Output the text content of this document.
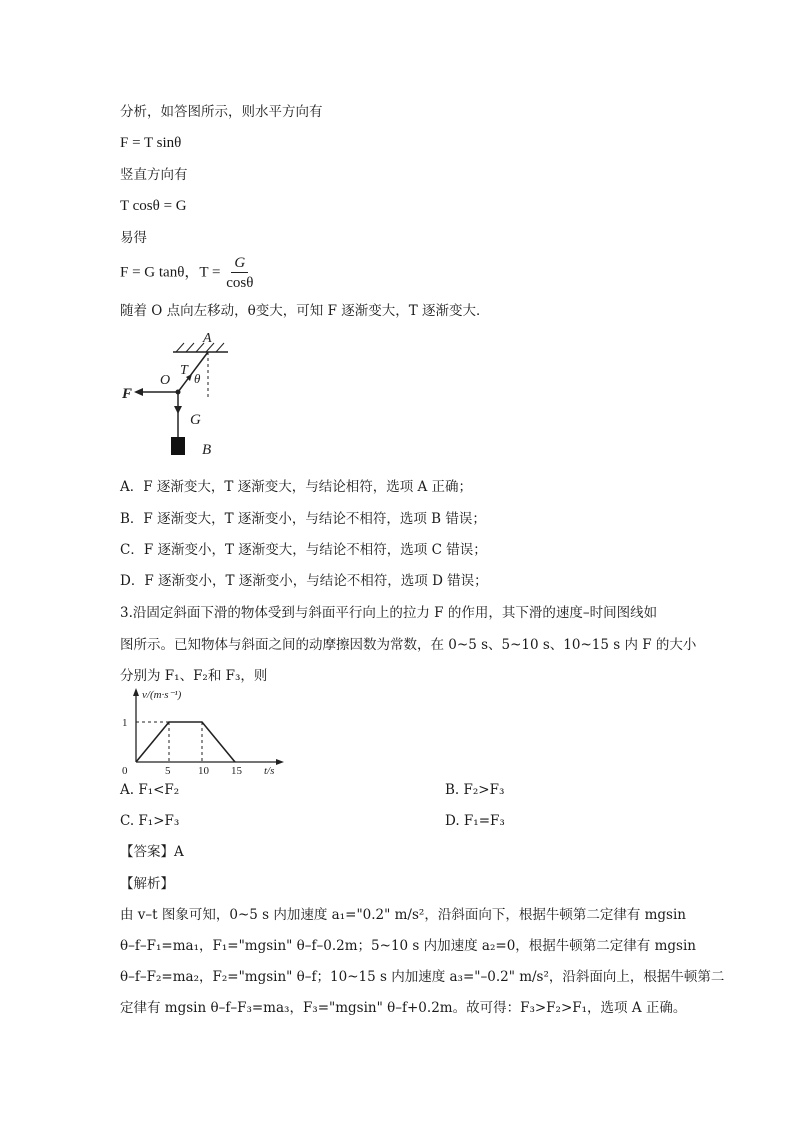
分析，如答图所示，则水平方向有
F = T sinθ
竖直方向有
T cosθ = G
易得
F = G tanθ，$T = \frac{G}{\cos\theta}$
随着 O 点向左移动，θ变大，可知 F 逐渐变大，T 逐渐变大．
A
O
T
θ
F
G
B
A．F 逐渐变大，T 逐渐变大，与结论相符，选项 A 正确；
B．F 逐渐变大，T 逐渐变小，与结论不相符，选项 B 错误；
C．F 逐渐变小，T 逐渐变大，与结论不相符，选项 C 错误；
D．F 逐渐变小，T 逐渐变小，与结论不相符，选项 D 错误；
3.沿固定斜面下滑的物体受到与斜面平行向上的拉力 F 的作用，其下滑的速度–时间图线如
图所示。已知物体与斜面之间的动摩擦因数为常数，在 0~5 s、5~10 s、10~15 s 内 F 的大小
分别为 F₁、F₂和 F₃，则
0	5	10 15
1
v/(m·s⁻¹)
t/s
A. F₁<F₂	B. F₂>F₃
C. F₁>F₃	D. F₁=F₃
【答案】A
【解析】
由 v–t 图象可知，0~5 s 内加速度 a₁="0.2" m/s²，沿斜面向下，根据牛顿第二定律有 mgsin
θ–f–F₁=ma₁，F₁="mgsin" θ–f–0.2m；5~10 s 内加速度 a₂=0，根据牛顿第二定律有 mgsin
θ–f–F₂=ma₂，F₂="mgsin" θ–f；10~15 s 内加速度 a₃="–0.2" m/s²，沿斜面向上，根据牛顿第二
定律有 mgsin θ–f–F₃=ma₃，F₃="mgsin" θ–f+0.2m。故可得：F₃>F₂>F₁，选项 A 正确。
